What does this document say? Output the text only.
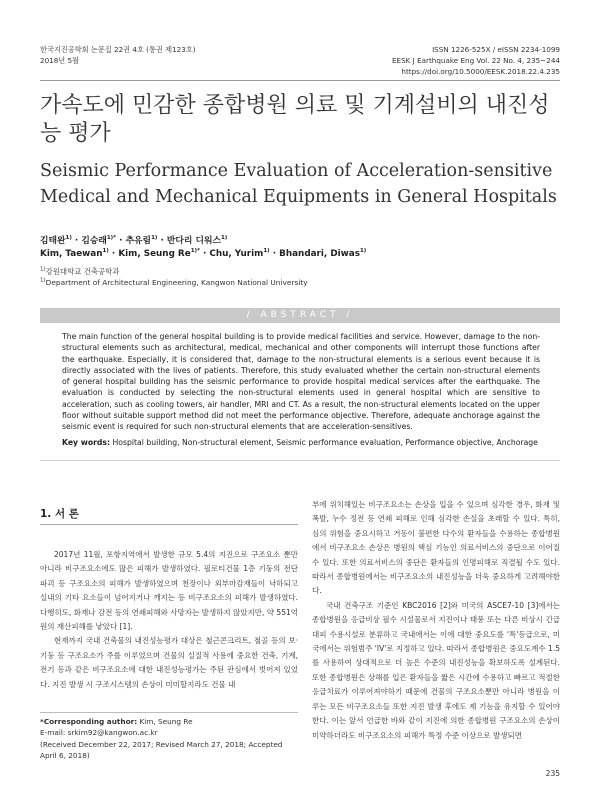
한국지진공학회 논문집 22권 4호 (통권 제123호)
2018년 5월
ISSN 1226-525X / eISSN 2234-1099
EESK J Earthquake Eng Vol. 22 No. 4, 235~244
https://doi.org/10.5000/EESK.2018.22.4.235
가속도에 민감한 종합병원 의료 및 기계설비의 내진성능 평가
Seismic Performance Evaluation of Acceleration-sensitive Medical and Mechanical Equipments in General Hospitals
김태완$^{1)}$ · 김승래$^{1)*}$ · 추유림$^{1)}$ · 반다리 디워스$^{1)}$
Kim, Taewan$^{1)}$ · Kim, Seung $Re^{1)*}$ · Chu, Yurim$^{1)}$ · Bhandari, Diwas$^{1)}$
$^{1)}$강원대학교 건축공학과
$^{1)}$Department of Architectural Engineering, Kangwon National University
/ ABSTRACT /
The main function of the general hospital building is to provide medical facilities and service. However, damage to the non-structural elements such as architectural, medical, mechanical and other components will interrupt those functions after the earthquake. Especially, it is considered that, damage to the non-structural elements is a serious event because it is directly associated with the lives of patients. Therefore, this study evaluated whether the certain non-structural elements of general hospital building has the seismic performance to provide hospital medical services after the earthquake. The evaluation is conducted by selecting the non-structural elements used in general hospital which are sensitive to acceleration, such as cooling towers, air handler, MRI and CT. As a result, the non-structural elements located on the upper floor without suitable support method did not meet the performance objective. Therefore, adequate anchorage against the seismic event is required for such non-structural elements that are acceleration-sensitives.
Key words: Hospital building, Non-structural element, Seismic performance evaluation, Performance objective, Anchorage
1. 서 론

2017년 11월, 포항지역에서 발생한 규모 5.4의 지진으로 구조요소 뿐만 아니라 비구조요소에도 많은 피해가 발생하였다. 필로티건물 1층 기둥의 전단파괴 등 구조요소의 피해가 발생하였으며 천장이나 외부마감재들이 낙하되고 실내의 기타 요소들이 넘어지거나 깨지는 등 비구조요소의 피해가 발생하였다. 다행히도, 화재나 감전 등의 연쇄피해와 사망자는 발생하지 않았지만, 약 551억 원의 재산피해를 낳았다 [1].

현재까지 국내 건축물의 내진성능평가 대상은 철근콘크리트, 철골 등의 보·기둥 등 구조요소가 주를 이루었으며 건물의 실질적 사용에 중요한 건축, 기계, 전기 등과 같은 비구조요소에 대한 내진성능평가는 주된 관심에서 벗어져 있었다. 지진 발생 시 구조시스템의 손상이 미미할지라도 건물 내

부에 위치해있는 비구조요소는 손상을 입을 수 있으며 심각한 경우, 화재 및 폭발, 누수 정전 등 연쇄 피해로 인해 심각한 손실을 초래할 수 있다. 특히, 심의 위험을 중요시하고 거동이 불편한 다수의 환자들을 수용하는 종합병원에서 비구조요소 손상은 병원의 핵심 기능인 의료서비스의 중단으로 이어질 수 있다. 또한 의료서비스의 중단은 환자들의 인명피해로 직결될 수도 있다. 따라서 종합병원에서는 비구조요소의 내진성능을 더욱 중요하게 고려해야한다.

국내 건축구조 기준인 KBC2016 [2]와 미국의 ASCE7-10 [3]에서는 종합병원을 응급비상 필수 시설물로서 지진이나 태풍 또는 다른 비상시 긴급대피 수용시설로 분류하고 국내에서는 이에 대한 중요도를 '특'등급으로, 미국에서는 위험범주 'IV'로 지정하고 있다. 따라서 종합병원은 중요도계수 1.5를 사용하여 상대적으로 더 높은 수준의 내진성능을 확보하도록 설계된다. 또한 종합병원은 상해를 입은 환자들을 짧은 시간에 수용하고 빠르고 적절한 응급치료가 이루어져야하기 때문에 건물의 구조요소뿐만 아니라 병원을 이루는 모든 비구조요소들 또한 지진 발생 후에도 제 기능을 유지할 수 있어야한다. 이는 앞서 언급한 바와 같이 지진에 의한 종합병원 구조요소의 손상이 미약하더라도 비구조요소의 피해가 특정 수준 이상으로 발생되면

*Corresponding author: Kim, Seung Re
E-mail: srkim92@kangwon.ac.kr
(Received December 22, 2017; Revised March 27, 2018; Accepted April 6, 2018)
235
